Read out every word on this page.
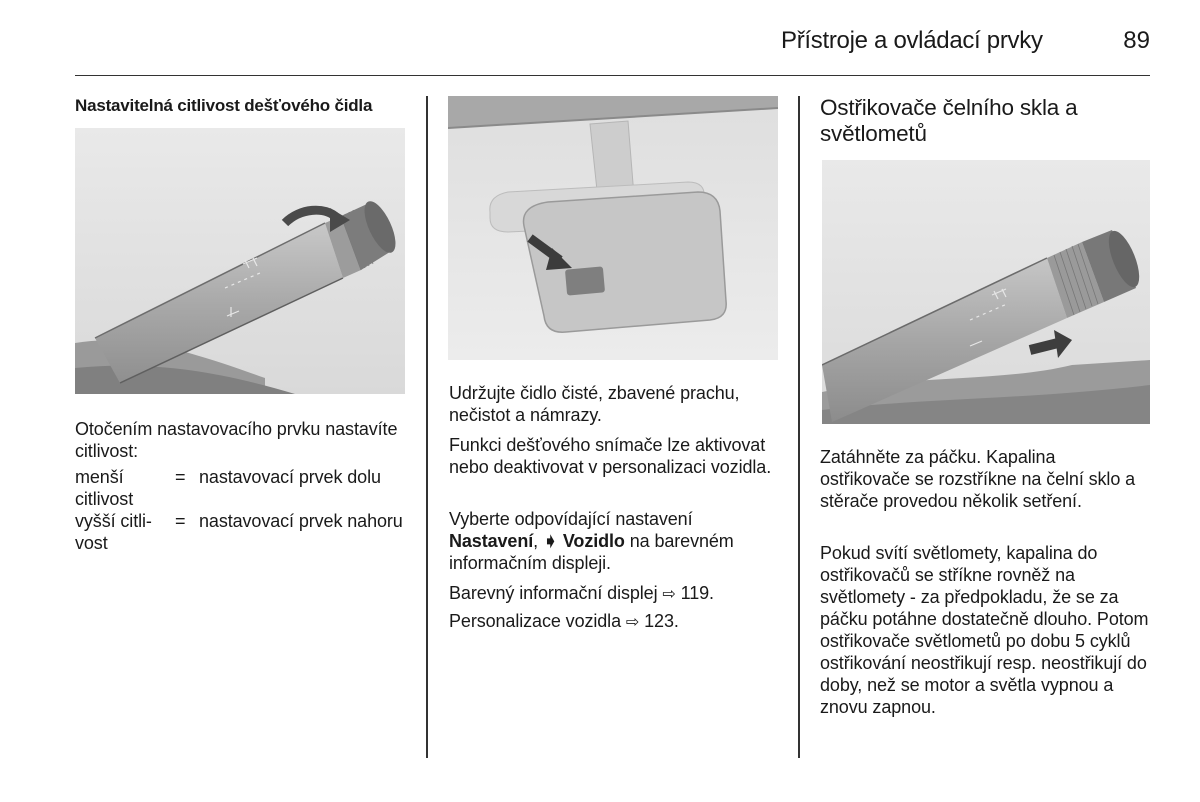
Přístroje a ovládací prvky	89
Nastavitelná citlivost dešťového čidla
Otočením nastavovacího prvku nastavíte citlivost:
menší citlivost
= nastavovací prvek dolu
vyšší citli-vost
= nastavovací prvek nahoru
Udržujte čidlo čisté, zbavené prachu, nečistot a námrazy.
Funkci dešťového snímače lze aktivovat nebo deaktivovat v personalizaci vozidla.
Vyberte odpovídající nastavení Nastavení, ➧ Vozidlo na barevném informačním displeji.
Barevný informační displej ⇨ 119.
Personalizace vozidla ⇨ 123.
Ostřikovače čelního skla a světlometů
Zatáhněte za páčku. Kapalina ostřikovače se rozstříkne na čelní sklo a stěrače provedou několik setření.
Pokud svítí světlomety, kapalina do ostřikovačů se stříkne rovněž na světlomety - za předpokladu, že se za páčku potáhne dostatečně dlouho. Potom ostřikovače světlometů po dobu 5 cyklů ostřikování neostřikují resp. neostřikují do doby, než se motor a světla vypnou a znovu zapnou.
